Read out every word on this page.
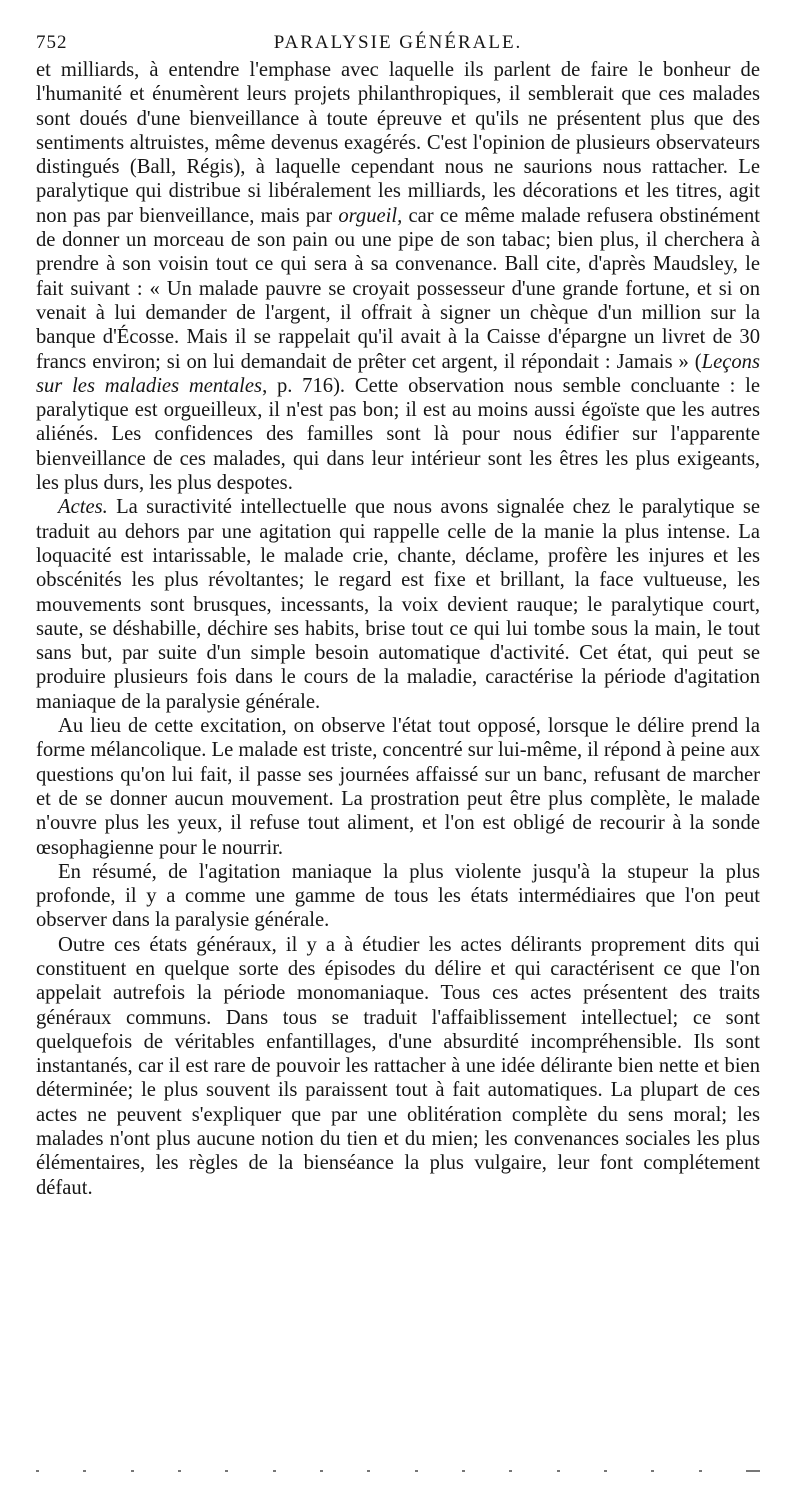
752	PARALYSIE GÉNÉRALE.

et milliards, à entendre l'emphase avec laquelle ils parlent de faire le bonheur de l'humanité et énumèrent leurs projets philanthropiques, il semblerait que ces malades sont doués d'une bienveillance à toute épreuve et qu'ils ne présentent plus que des sentiments altruistes, même devenus exagérés. C'est l'opinion de plusieurs observateurs distingués (Ball, Régis), à laquelle cependant nous ne saurions nous rattacher. Le paralytique qui distribue si libéralement les milliards, les décorations et les titres, agit non pas par bienveillance, mais par orgueil, car ce même malade refusera obstinément de donner un morceau de son pain ou une pipe de son tabac; bien plus, il cherchera à prendre à son voisin tout ce qui sera à sa convenance. Ball cite, d'après Maudsley, le fait suivant : « Un malade pauvre se croyait possesseur d'une grande fortune, et si on venait à lui demander de l'argent, il offrait à signer un chèque d'un million sur la banque d'Écosse. Mais il se rappelait qu'il avait à la Caisse d'épargne un livret de 30 francs environ; si on lui demandait de prêter cet argent, il répondait : Jamais » (Leçons sur les maladies mentales, p. 716). Cette observation nous semble concluante : le paralytique est orgueilleux, il n'est pas bon; il est au moins aussi égoïste que les autres aliénés. Les confidences des familles sont là pour nous édifier sur l'apparente bienveillance de ces malades, qui dans leur intérieur sont les êtres les plus exigeants, les plus durs, les plus despotes.

Actes. La suractivité intellectuelle que nous avons signalée chez le paralytique se traduit au dehors par une agitation qui rappelle celle de la manie la plus intense. La loquacité est intarissable, le malade crie, chante, déclame, profère les injures et les obscénités les plus révoltantes; le regard est fixe et brillant, la face vultueuse, les mouvements sont brusques, incessants, la voix devient rauque; le paralytique court, saute, se déshabille, déchire ses habits, brise tout ce qui lui tombe sous la main, le tout sans but, par suite d'un simple besoin automatique d'activité. Cet état, qui peut se produire plusieurs fois dans le cours de la maladie, caractérise la période d'agitation maniaque de la paralysie générale.

Au lieu de cette excitation, on observe l'état tout opposé, lorsque le délire prend la forme mélancolique. Le malade est triste, concentré sur lui-même, il répond à peine aux questions qu'on lui fait, il passe ses journées affaissé sur un banc, refusant de marcher et de se donner aucun mouvement. La prostration peut être plus complète, le malade n'ouvre plus les yeux, il refuse tout aliment, et l'on est obligé de recourir à la sonde œsophagienne pour le nourrir.

En résumé, de l'agitation maniaque la plus violente jusqu'à la stupeur la plus profonde, il y a comme une gamme de tous les états intermédiaires que l'on peut observer dans la paralysie générale.

Outre ces états généraux, il y a à étudier les actes délirants proprement dits qui constituent en quelque sorte des épisodes du délire et qui caractérisent ce que l'on appelait autrefois la période monomaniaque. Tous ces actes présentent des traits généraux communs. Dans tous se traduit l'affaiblissement intellectuel; ce sont quelquefois de véritables enfantillages, d'une absurdité incompréhensible. Ils sont instantanés, car il est rare de pouvoir les rattacher à une idée délirante bien nette et bien déterminée; le plus souvent ils paraissent tout à fait automatiques. La plupart de ces actes ne peuvent s'expliquer que par une oblitération complète du sens moral; les malades n'ont plus aucune notion du tien et du mien; les convenances sociales les plus élémentaires, les règles de la bienséance la plus vulgaire, leur font complétement défaut.
